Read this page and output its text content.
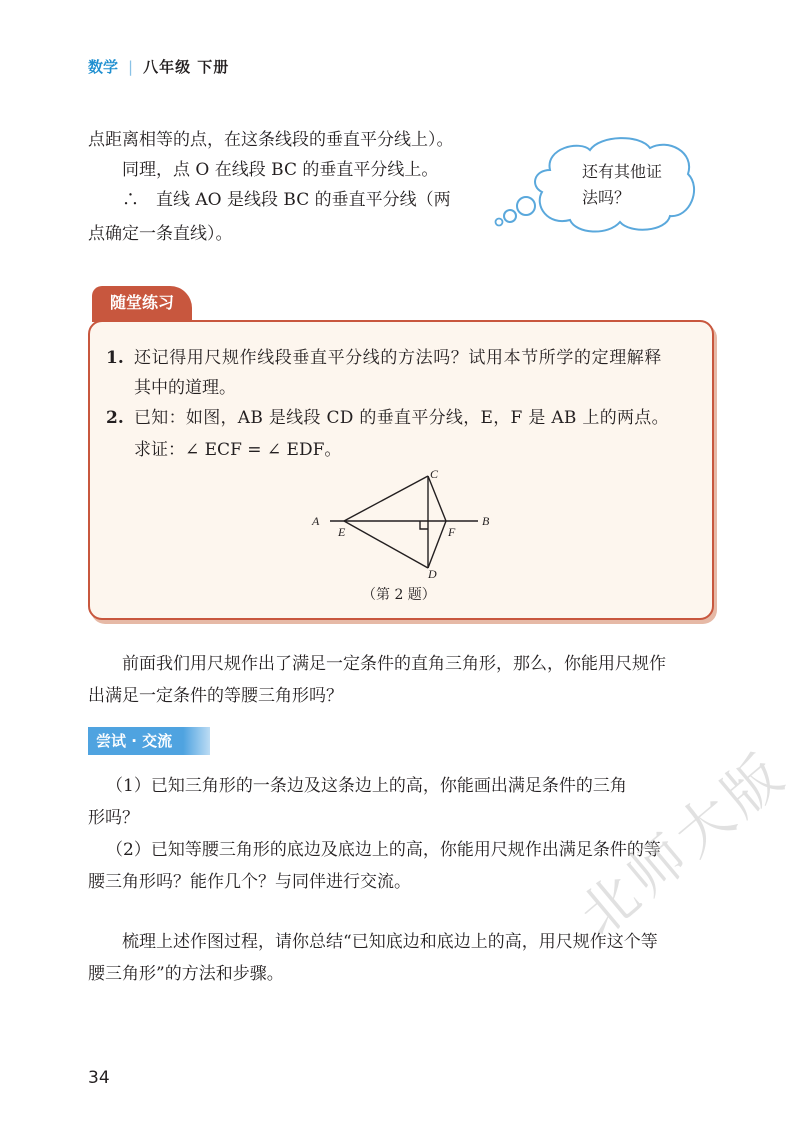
数学 | 八年级 下册
点距离相等的点，在这条线段的垂直平分线上）。
同理，点 O 在线段 BC 的垂直平分线上。
∴　直线 AO 是线段 BC 的垂直平分线（两
点确定一条直线）。
还有其他证
法吗？
随堂练习
1. 还记得用尺规作线段垂直平分线的方法吗？试用本节所学的定理解释
其中的道理。
2. 已知：如图，AB 是线段 CD 的垂直平分线，E，F 是 AB 上的两点。
求证：∠ ECF = ∠ EDF。
A	B
C
D
E	F
（第 2 题）
前面我们用尺规作出了满足一定条件的直角三角形，那么，你能用尺规作
出满足一定条件的等腰三角形吗？
尝试 · 交流
（1）已知三角形的一条边及这条边上的高，你能画出满足条件的三角
形吗？
（2）已知等腰三角形的底边及底边上的高，你能用尺规作出满足条件的等
腰三角形吗？能作几个？与同伴进行交流。
梳理上述作图过程，请你总结“已知底边和底边上的高，用尺规作这个等
腰三角形”的方法和步骤。
34
北师大版
